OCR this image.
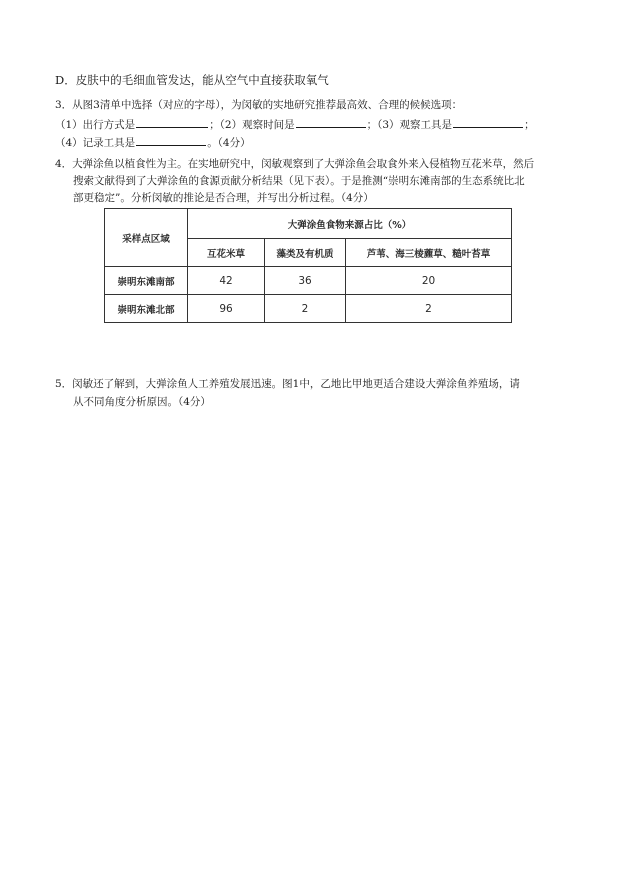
D．皮肤中的毛细血管发达，能从空气中直接获取氧气
3．从图3清单中选择（对应的字母），为闵敏的实地研究推荐最高效、合理的候候选项：
（1）出行方式是	；（2）观察时间是	；（3）观察工具是	；
（4）记录工具是	。（4分）
4．大弹涂鱼以植食性为主。在实地研究中，闵敏观察到了大弹涂鱼会取食外来入侵植物互花米草，然后
搜索文献得到了大弹涂鱼的食源贡献分析结果（见下表）。于是推测“崇明东滩南部的生态系统比北
部更稳定”。分析闵敏的推论是否合理，并写出分析过程。（4分）
采样点区域	大弹涂鱼食物来源占比（%）		
	互花米草	藻类及有机质	芦苇、海三棱藨草、糙叶苔草
崇明东滩南部	42	36	20
崇明东滩北部	96	2	2
5．闵敏还了解到，大弹涂鱼人工养殖发展迅速。图1中，乙地比甲地更适合建设大弹涂鱼养殖场，请
从不同角度分析原因。（4分）
